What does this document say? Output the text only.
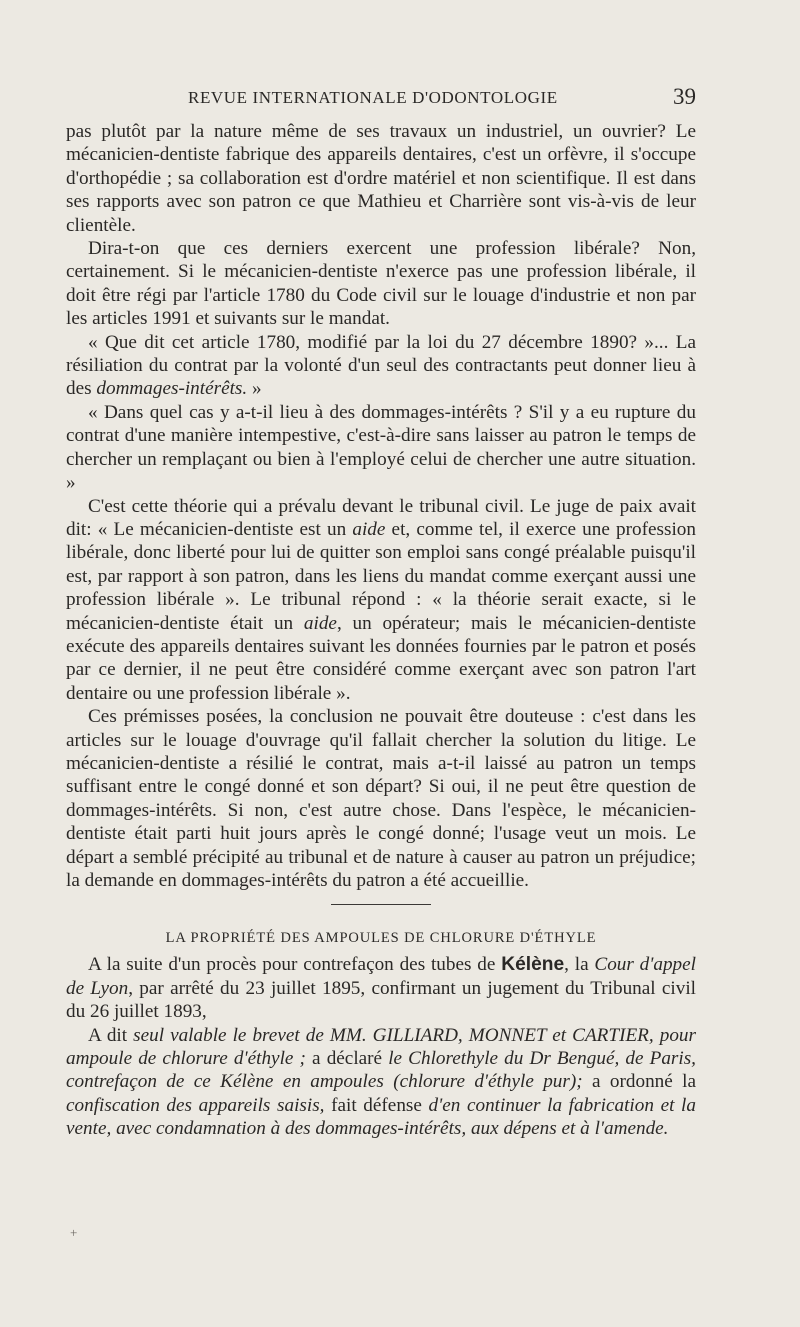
REVUE INTERNATIONALE D'ODONTOLOGIE	39

pas plutôt par la nature même de ses travaux un industriel, un ouvrier? Le mécanicien-dentiste fabrique des appareils dentaires, c'est un orfèvre, il s'occupe d'orthopédie ; sa collaboration est d'ordre matériel et non scientifique. Il est dans ses rapports avec son patron ce que Mathieu et Charrière sont vis-à-vis de leur clientèle.

Dira-t-on que ces derniers exercent une profession libérale? Non, certainement. Si le mécanicien-dentiste n'exerce pas une profession libérale, il doit être régi par l'article 1780 du Code civil sur le louage d'industrie et non par les articles 1991 et suivants sur le mandat.

« Que dit cet article 1780, modifié par la loi du 27 décembre 1890? »... La résiliation du contrat par la volonté d'un seul des contractants peut donner lieu à des dommages-intérêts. »

« Dans quel cas y a-t-il lieu à des dommages-intérêts ? S'il y a eu rupture du contrat d'une manière intempestive, c'est-à-dire sans laisser au patron le temps de chercher un remplaçant ou bien à l'employé celui de chercher une autre situation. »

C'est cette théorie qui a prévalu devant le tribunal civil. Le juge de paix avait dit: « Le mécanicien-dentiste est un aide et, comme tel, il exerce une profession libérale, donc liberté pour lui de quitter son emploi sans congé préalable puisqu'il est, par rapport à son patron, dans les liens du mandat comme exerçant aussi une profession libérale ». Le tribunal répond : « la théorie serait exacte, si le mécanicien-dentiste était un aide, un opérateur; mais le mécanicien-dentiste exécute des appareils dentaires suivant les données fournies par le patron et posés par ce dernier, il ne peut être considéré comme exerçant avec son patron l'art dentaire ou une profession libérale ».

Ces prémisses posées, la conclusion ne pouvait être douteuse : c'est dans les articles sur le louage d'ouvrage qu'il fallait chercher la solution du litige. Le mécanicien-dentiste a résilié le contrat, mais a-t-il laissé au patron un temps suffisant entre le congé donné et son départ? Si oui, il ne peut être question de dommages-intérêts. Si non, c'est autre chose. Dans l'espèce, le mécanicien-dentiste était parti huit jours après le congé donné; l'usage veut un mois. Le départ a semblé précipité au tribunal et de nature à causer au patron un préjudice; la demande en dommages-intérêts du patron a été accueillie.

LA PROPRIÉTÉ DES AMPOULES DE CHLORURE D'ÉTHYLE

A la suite d'un procès pour contrefaçon des tubes de Kélène, la Cour d'appel de Lyon, par arrêté du 23 juillet 1895, confirmant un jugement du Tribunal civil du 26 juillet 1893,

A dit seul valable le brevet de MM. GILLIARD, MONNET et CARTIER, pour ampoule de chlorure d'éthyle ; a déclaré le Chlorethyle du Dr Bengué, de Paris, contrefaçon de ce Kélène en ampoules (chlorure d'éthyle pur); a ordonné la confiscation des appareils saisis, fait défense d'en continuer la fabrication et la vente, avec condamnation à des dommages-intérêts, aux dépens et à l'amende.

+
